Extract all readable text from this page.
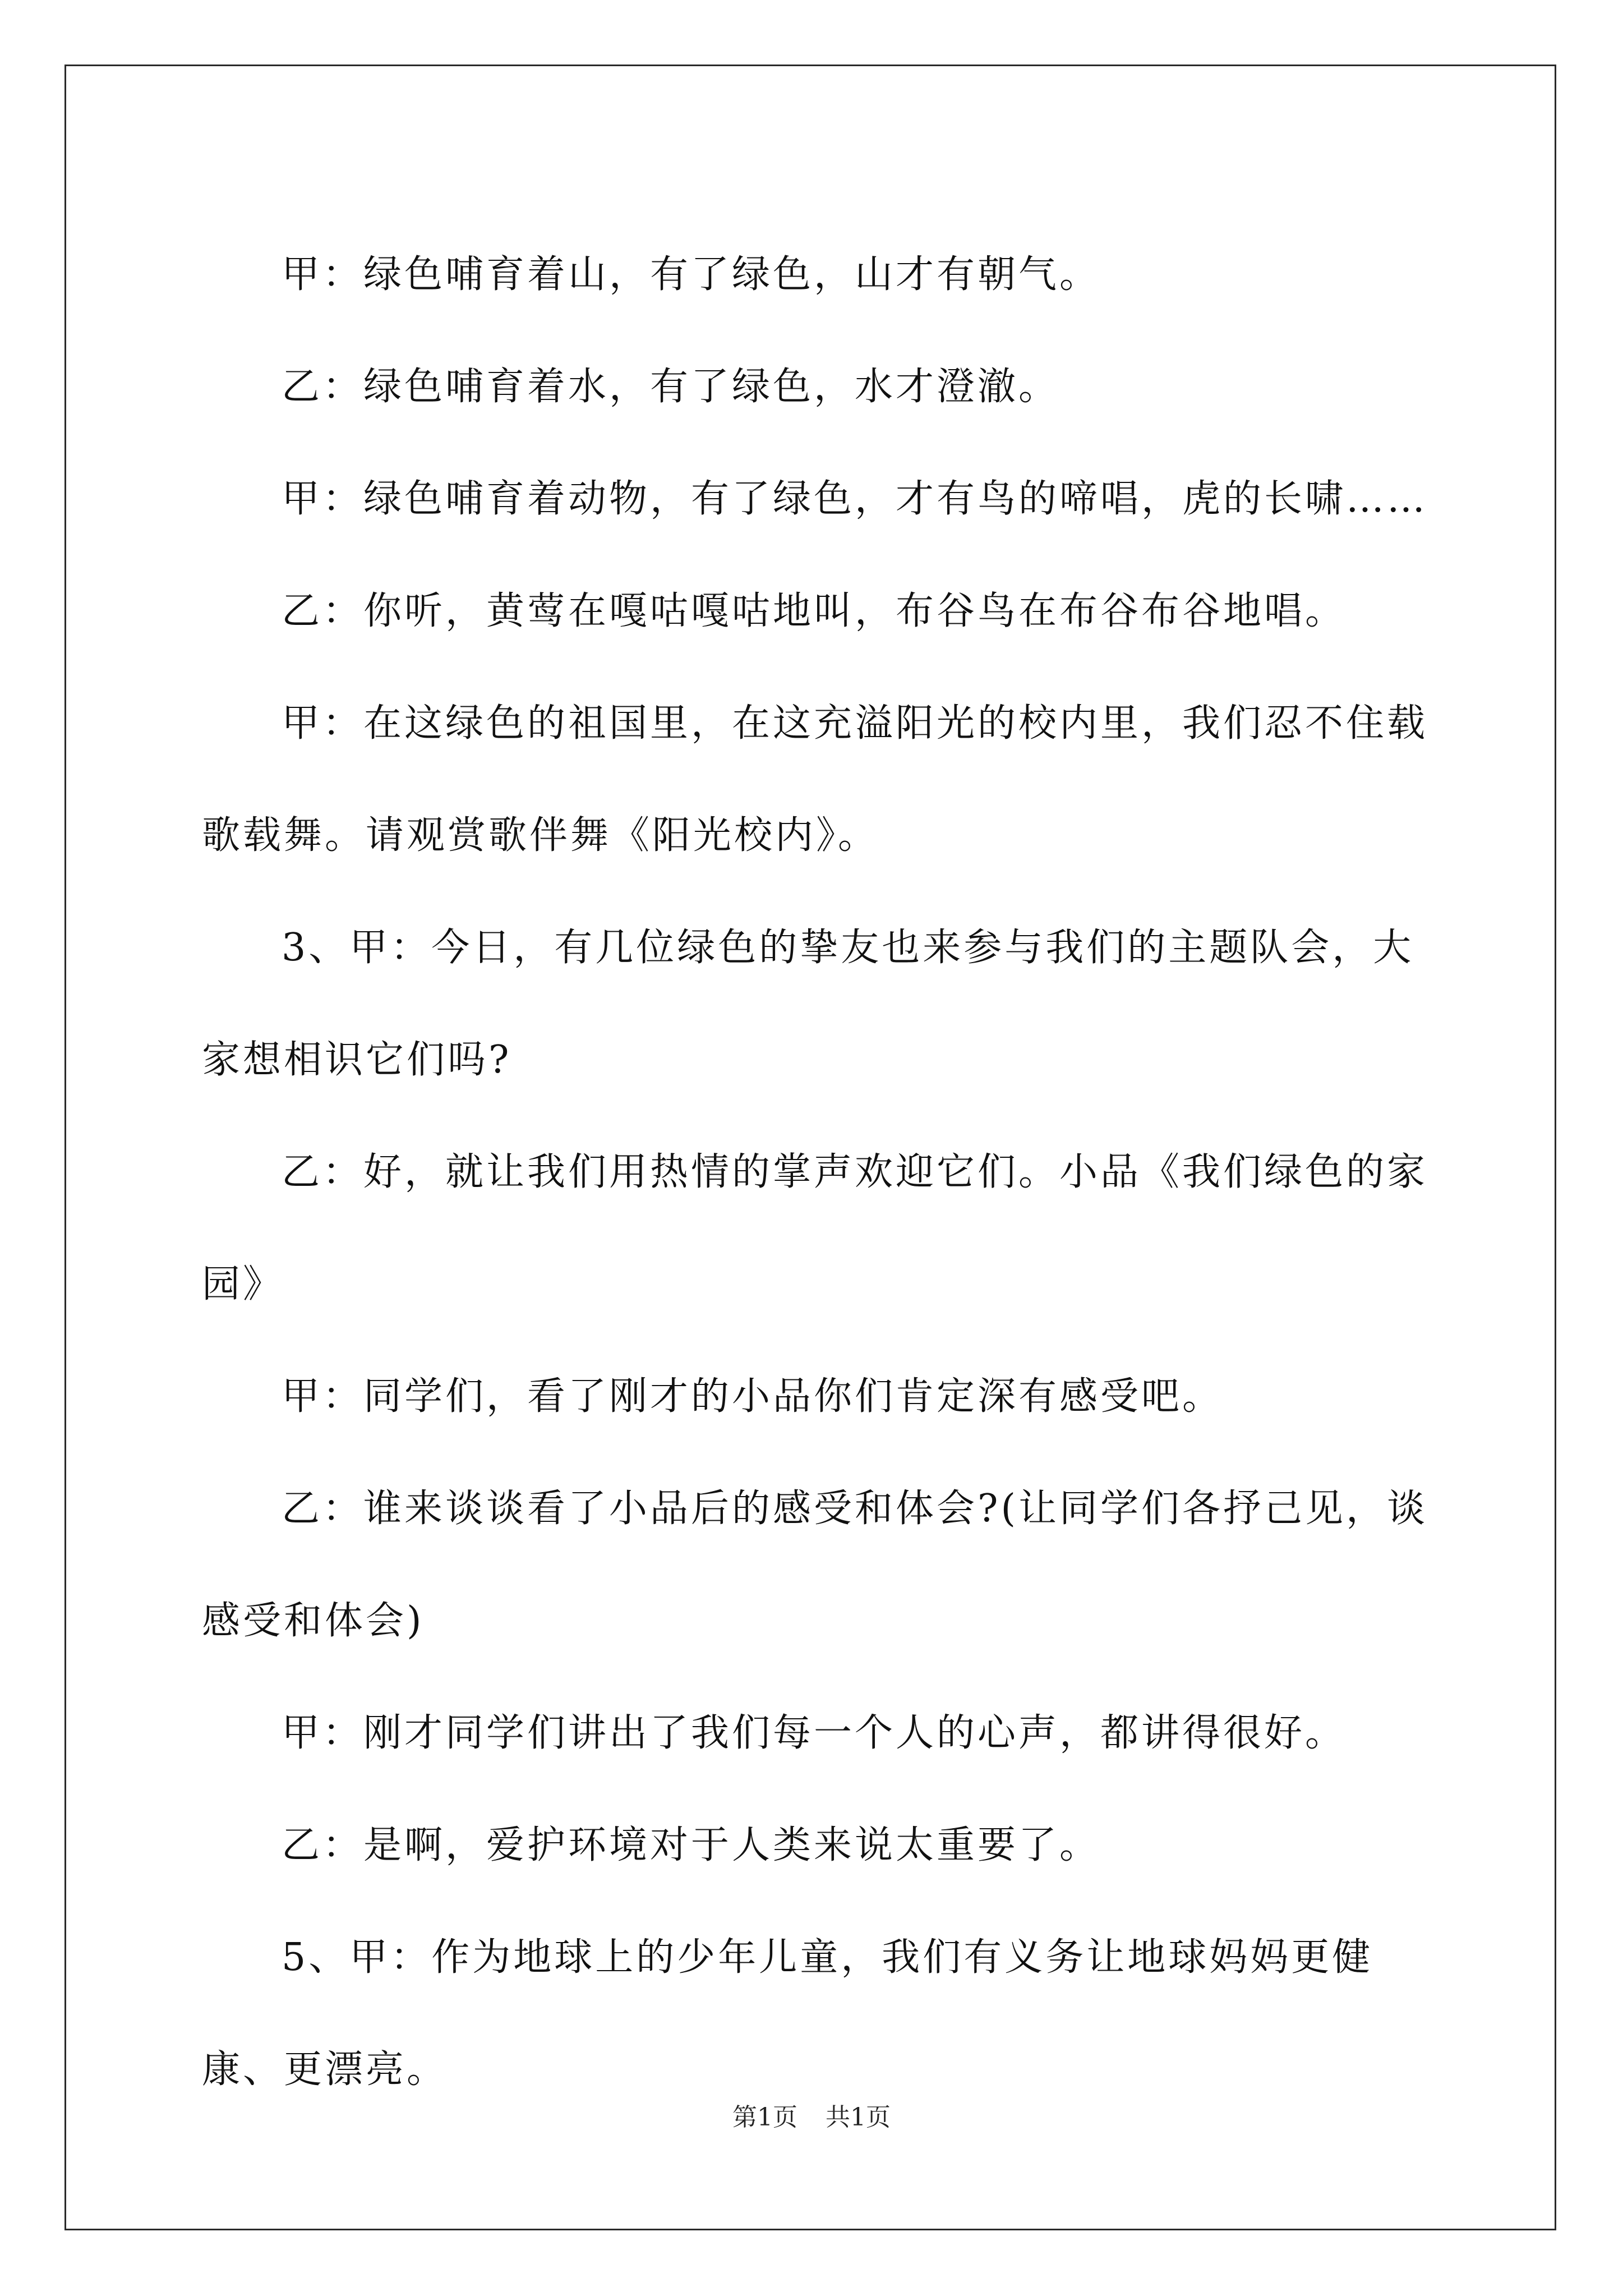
甲：绿色哺育着山，有了绿色，山才有朝气。

乙：绿色哺育着水，有了绿色，水才澄澈。

甲：绿色哺育着动物，有了绿色，才有鸟的啼唱，虎的长啸……

乙：你听，黄莺在嘎咕嘎咕地叫，布谷鸟在布谷布谷地唱。

甲：在这绿色的祖国里，在这充溢阳光的校内里，我们忍不住载歌载舞。请观赏歌伴舞《阳光校内》。

3、甲：今日，有几位绿色的挚友也来参与我们的主题队会，大家想相识它们吗?

乙：好，就让我们用热情的掌声欢迎它们。小品《我们绿色的家园》

甲：同学们，看了刚才的小品你们肯定深有感受吧。

乙：谁来谈谈看了小品后的感受和体会?(让同学们各抒己见，谈感受和体会)

甲：刚才同学们讲出了我们每一个人的心声，都讲得很好。

乙：是啊，爱护环境对于人类来说太重要了。

5、甲：作为地球上的少年儿童，我们有义务让地球妈妈更健康、更漂亮。

第1页 共1页
